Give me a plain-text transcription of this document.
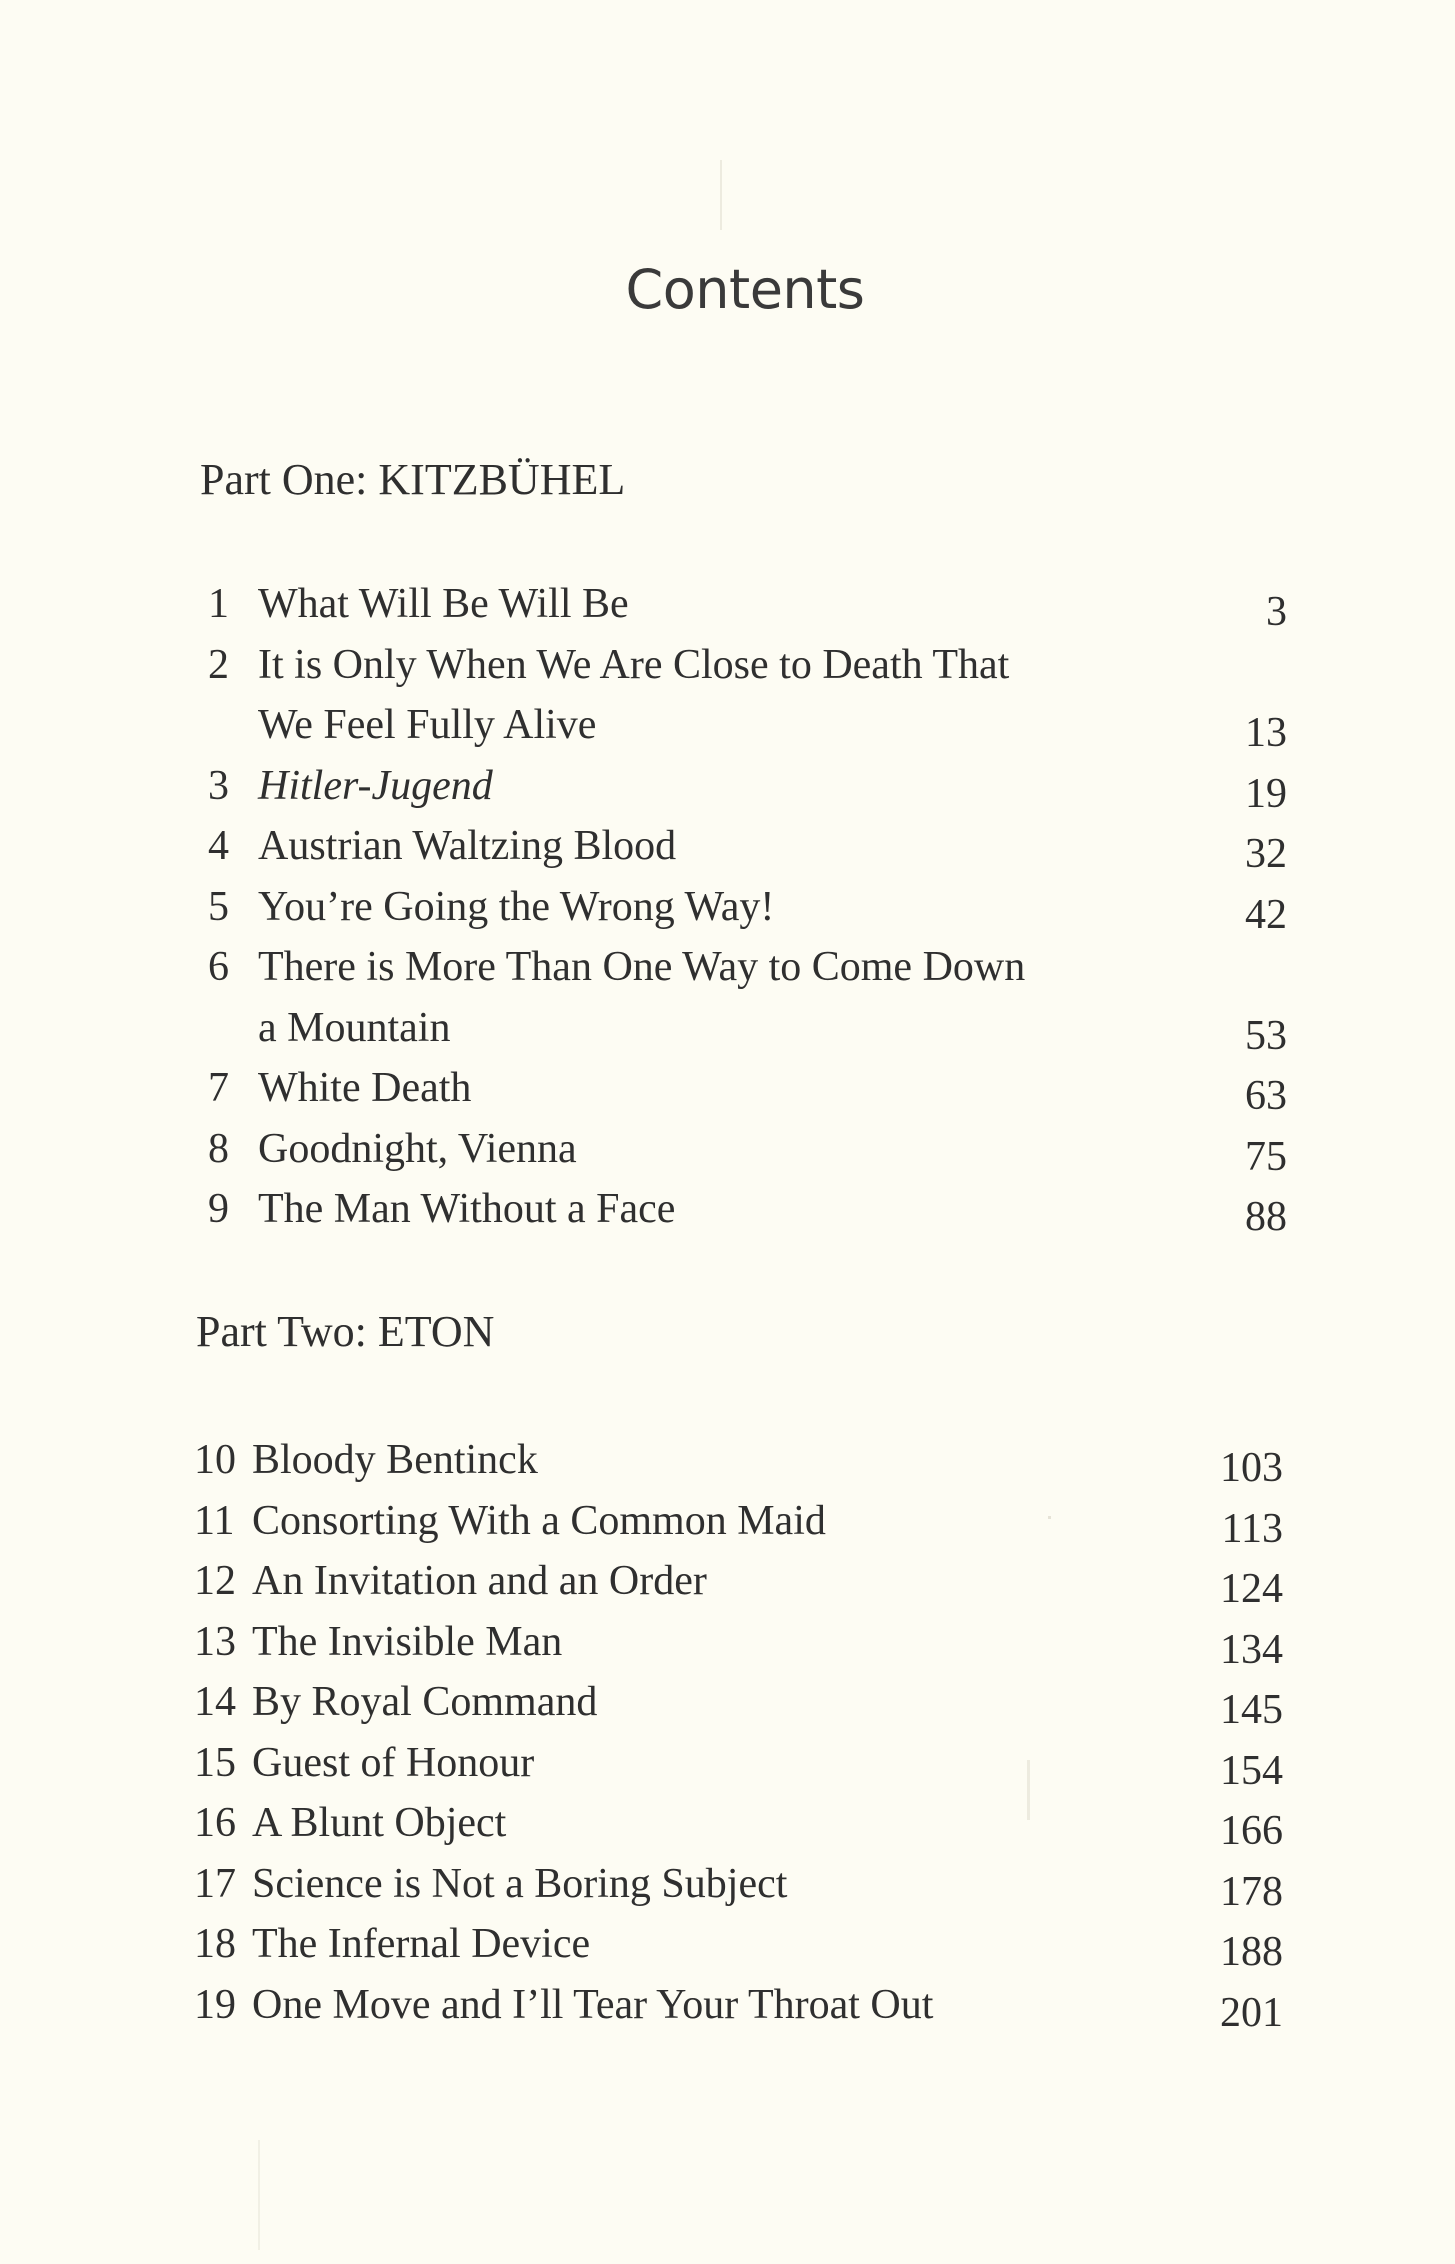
Contents
Part One: KITZBÜHEL
1 What Will Be Will Be	3
2 It is Only When We Are Close to Death That
We Feel Fully Alive	13
3 Hitler-Jugend	19
4 Austrian Waltzing Blood	32
5 You’re Going the Wrong Way!	42
6 There is More Than One Way to Come Down
a Mountain	53
7 White Death	63
8 Goodnight, Vienna	75
9 The Man Without a Face	88
Part Two: ETON
10 Bloody Bentinck	103
11 Consorting With a Common Maid	113
12 An Invitation and an Order	124
13 The Invisible Man	134
14 By Royal Command	145
15 Guest of Honour	154
16 A Blunt Object	166
17 Science is Not a Boring Subject	178
18 The Infernal Device	188
19 One Move and I’ll Tear Your Throat Out	201
